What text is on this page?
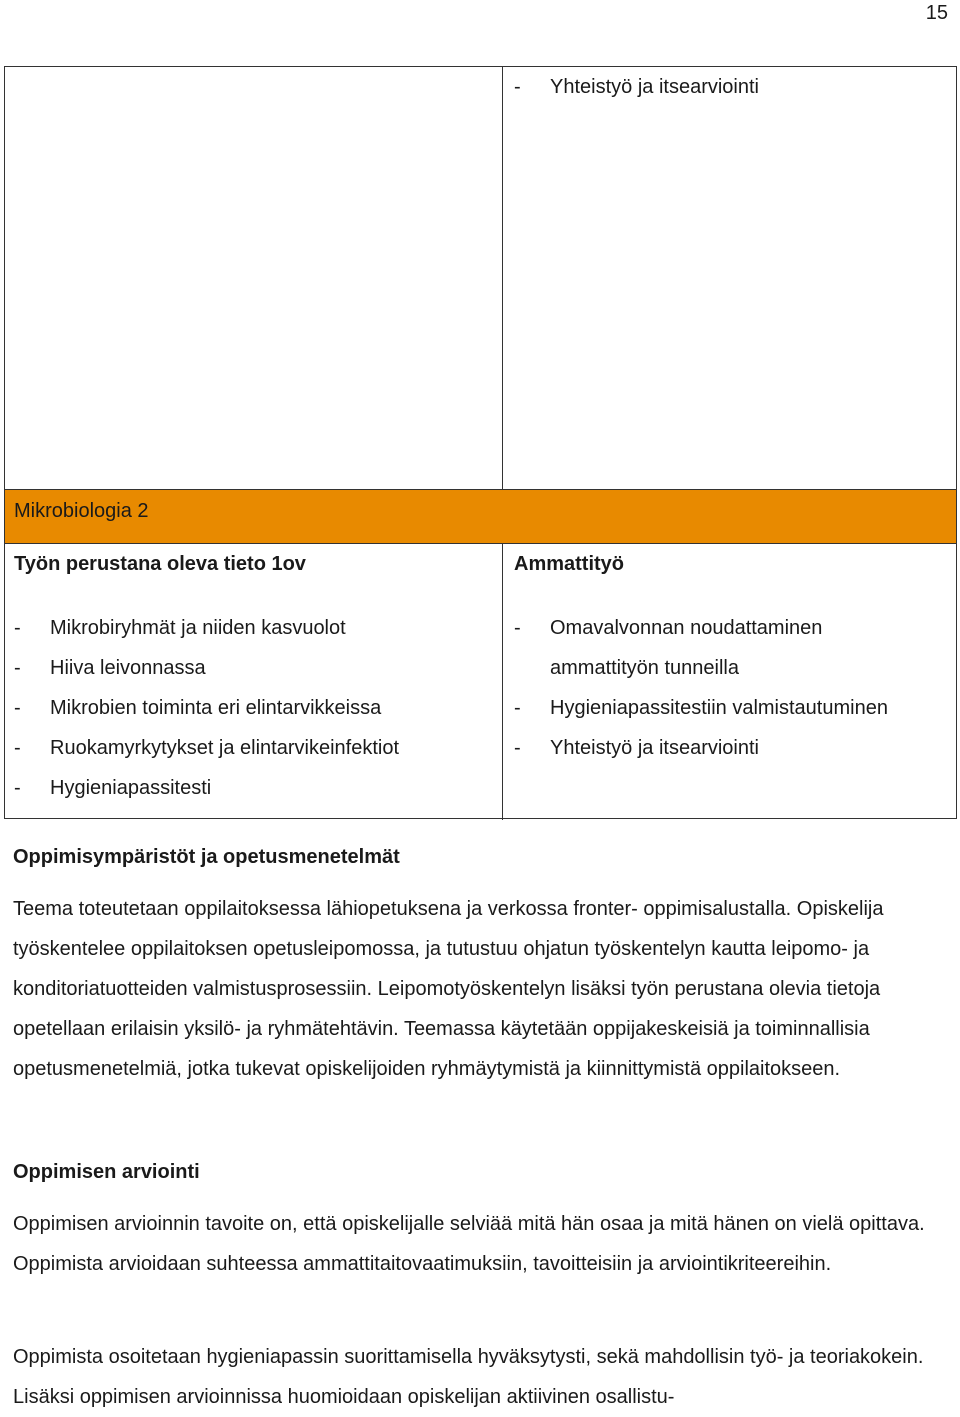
15
-	Yhteistyö ja itsearviointi
Mikrobiologia 2
Työn perustana oleva tieto 1ov
-	Mikrobiryhmät ja niiden kasvuolot
-	Hiiva leivonnassa
-	Mikrobien toiminta eri elintarvikkeissa
-	Ruokamyrkytykset ja elintarvikeinfektiot
-	Hygieniapassitesti
Ammattityö
-	Omavalvonnan noudattaminen ammattityön tunneilla
-	Hygieniapassitestiin valmistautuminen
-	Yhteistyö ja itsearviointi
Oppimisympäristöt ja opetusmenetelmät
Teema toteutetaan oppilaitoksessa lähiopetuksena ja verkossa fronter- oppimisalustalla. Opiskelija työskentelee oppilaitoksen opetusleipomossa, ja tutustuu ohjatun työskentelyn kautta leipomo- ja konditoriatuotteiden valmistusprosessiin. Leipomotyöskentelyn lisäksi työn perustana olevia tietoja opetellaan erilaisin yksilö- ja ryhmätehtävin. Teemassa käytetään oppijakeskeisiä ja toiminnallisia opetusmenetelmiä, jotka tukevat opiskelijoiden ryhmäytymistä ja kiinnittymistä oppilaitokseen.
Oppimisen arviointi
Oppimisen arvioinnin tavoite on, että opiskelijalle selviää mitä hän osaa ja mitä hänen on vielä opittava. Oppimista arvioidaan suhteessa ammattitaitovaatimuksiin, tavoitteisiin ja arviointikriteereihin.
Oppimista osoitetaan hygieniapassin suorittamisella hyväksytysti, sekä mahdollisin työ- ja teoriakokein. Lisäksi oppimisen arvioinnissa huomioidaan opiskelijan aktiivinen osallistu-
